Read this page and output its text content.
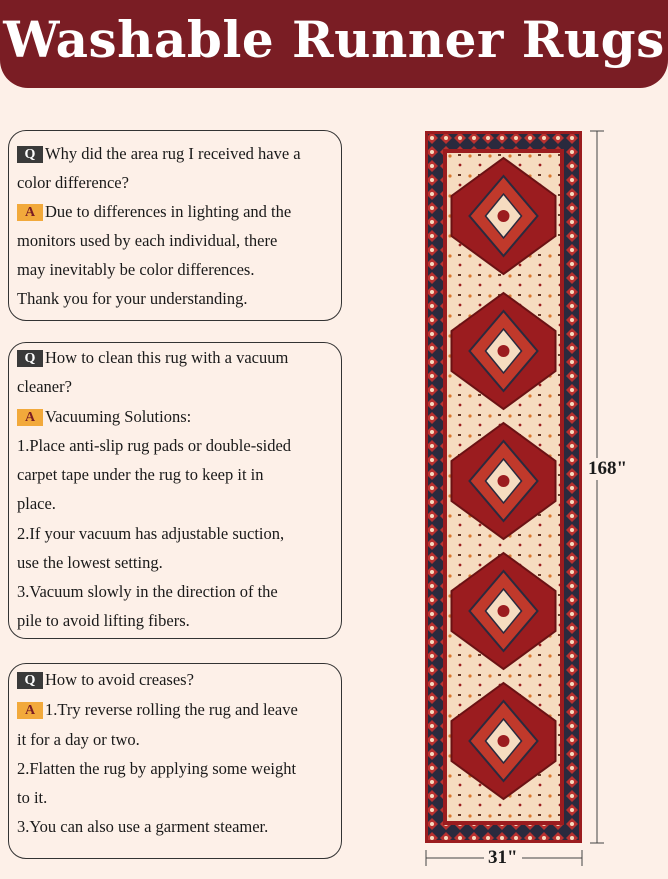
Washable Runner Rugs
Q Why did the area rug I received have a
color difference?
A Due to differences in lighting and the
monitors used by each individual, there
may inevitably be color differences.
Thank you for your understanding.
Q How to clean this rug with a vacuum
cleaner?
A Vacuuming Solutions:
1.Place anti-slip rug pads or double-sided
carpet tape under the rug to keep it in
place.
2.If your vacuum has adjustable suction,
use the lowest setting.
3.Vacuum slowly in the direction of the
pile to avoid lifting fibers.
Q How to avoid creases?
A 1.Try reverse rolling the rug and leave
it for a day or two.
2.Flatten the rug by applying some weight
to it.
3.You can also use a garment steamer.
168"
31"
